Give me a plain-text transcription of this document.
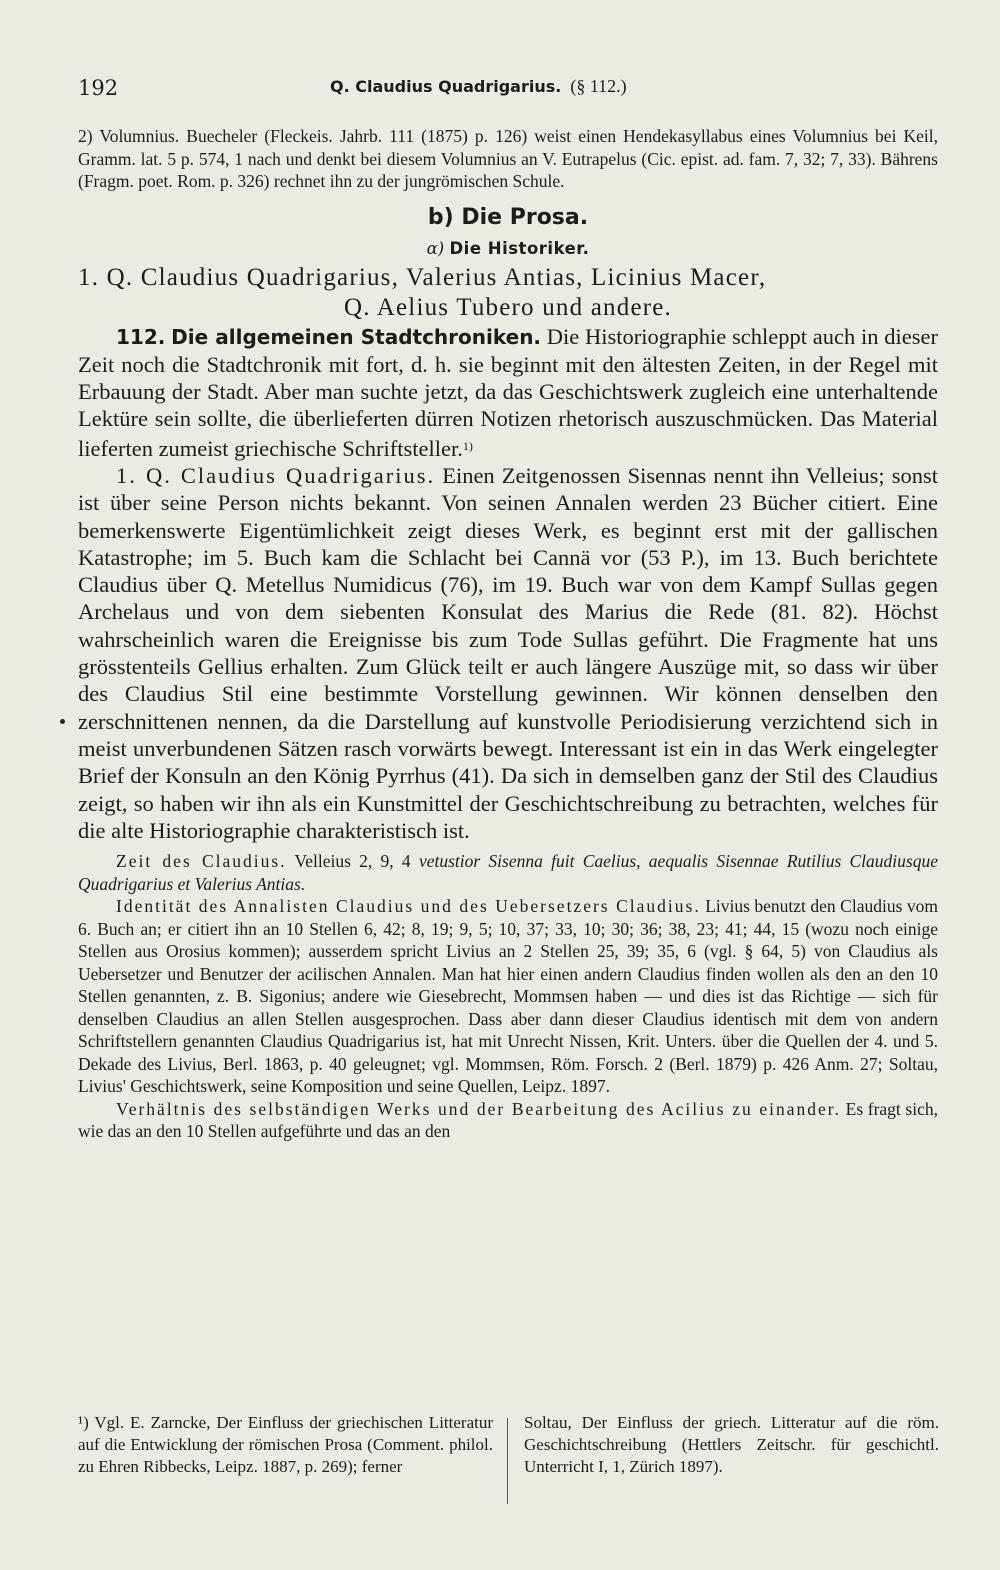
192	Q. Claudius Quadrigarius. (§ 112.)

2) Volumnius. Buecheler (Fleckeis. Jahrb. 111 (1875) p. 126) weist einen Hendekasyllabus eines Volumnius bei Keil, Gramm. lat. 5 p. 574, 1 nach und denkt bei diesem Volumnius an V. Eutrapelus (Cic. epist. ad. fam. 7, 32; 7, 33). Bährens (Fragm. poet. Rom. p. 326) rechnet ihn zu der jungrömischen Schule.

b) Die Prosa.

α) Die Historiker.

1. Q. Claudius Quadrigarius, Valerius Antias, Licinius Macer,
Q. Aelius Tubero und andere.

112. Die allgemeinen Stadtchroniken. Die Historiographie schleppt auch in dieser Zeit noch die Stadtchronik mit fort, d. h. sie beginnt mit den ältesten Zeiten, in der Regel mit Erbauung der Stadt. Aber man suchte jetzt, da das Geschichtswerk zugleich eine unterhaltende Lektüre sein sollte, die überlieferten dürren Notizen rhetorisch auszuschmücken. Das Material lieferten zumeist griechische Schriftsteller.$^{1)}$

1. Q. Claudius Quadrigarius. Einen Zeitgenossen Sisennas nennt ihn Velleius; sonst ist über seine Person nichts bekannt. Von seinen Annalen werden 23 Bücher citiert. Eine bemerkenswerte Eigentümlichkeit zeigt dieses Werk, es beginnt erst mit der gallischen Katastrophe; im 5. Buch kam die Schlacht bei Cannä vor (53 P.), im 13. Buch berichtete Claudius über Q. Metellus Numidicus (76), im 19. Buch war von dem Kampf Sullas gegen Archelaus und von dem siebenten Konsulat des Marius die Rede (81. 82). Höchst wahrscheinlich waren die Ereignisse bis zum Tode Sullas geführt. Die Fragmente hat uns grösstenteils Gellius erhalten. Zum Glück teilt er auch längere Auszüge mit, so dass wir über des Claudius Stil eine bestimmte Vorstellung gewinnen. Wir können denselben den zerschnittenen nennen, da die Darstellung auf kunstvolle Periodisierung verzichtend sich in meist unverbundenen Sätzen rasch vorwärts bewegt. Interessant ist ein in das Werk eingelegter Brief der Konsuln an den König Pyrrhus (41). Da sich in demselben ganz der Stil des Claudius zeigt, so haben wir ihn als ein Kunstmittel der Geschichtschreibung zu betrachten, welches für die alte Historiographie charakteristisch ist.

Zeit des Claudius. Velleius 2, 9, 4 vetustior Sisenna fuit Caelius, aequalis Sisennae Rutilius Claudiusque Quadrigarius et Valerius Antias.

Identität des Annalisten Claudius und des Uebersetzers Claudius. Livius benutzt den Claudius vom 6. Buch an; er citiert ihn an 10 Stellen 6, 42; 8, 19; 9, 5; 10, 37; 33, 10; 30; 36; 38, 23; 41; 44, 15 (wozu noch einige Stellen aus Orosius kommen); ausserdem spricht Livius an 2 Stellen 25, 39; 35, 6 (vgl. § 64, 5) von Claudius als Uebersetzer und Benutzer der acilischen Annalen. Man hat hier einen andern Claudius finden wollen als den an den 10 Stellen genannten, z. B. Sigonius; andere wie Giesebrecht, Mommsen haben — und dies ist das Richtige — sich für denselben Claudius an allen Stellen ausgesprochen. Dass aber dann dieser Claudius identisch mit dem von andern Schriftstellern genannten Claudius Quadrigarius ist, hat mit Unrecht Nissen, Krit. Unters. über die Quellen der 4. und 5. Dekade des Livius, Berl. 1863, p. 40 geleugnet; vgl. Mommsen, Röm. Forsch. 2 (Berl. 1879) p. 426 Anm. 27; Soltau, Livius' Geschichtswerk, seine Komposition und seine Quellen, Leipz. 1897.

Verhältnis des selbständigen Werks und der Bearbeitung des Acilius zu einander. Es fragt sich, wie das an den 10 Stellen aufgeführte und das an den

¹) Vgl. E. Zarncke, Der Einfluss der griechischen Litteratur auf die Entwicklung der römischen Prosa (Comment. philol. zu Ehren Ribbecks, Leipz. 1887, p. 269); ferner

Soltau, Der Einfluss der griech. Litteratur auf die röm. Geschichtschreibung (Hettlers Zeitschr. für geschichtl. Unterricht I, 1, Zürich 1897).
